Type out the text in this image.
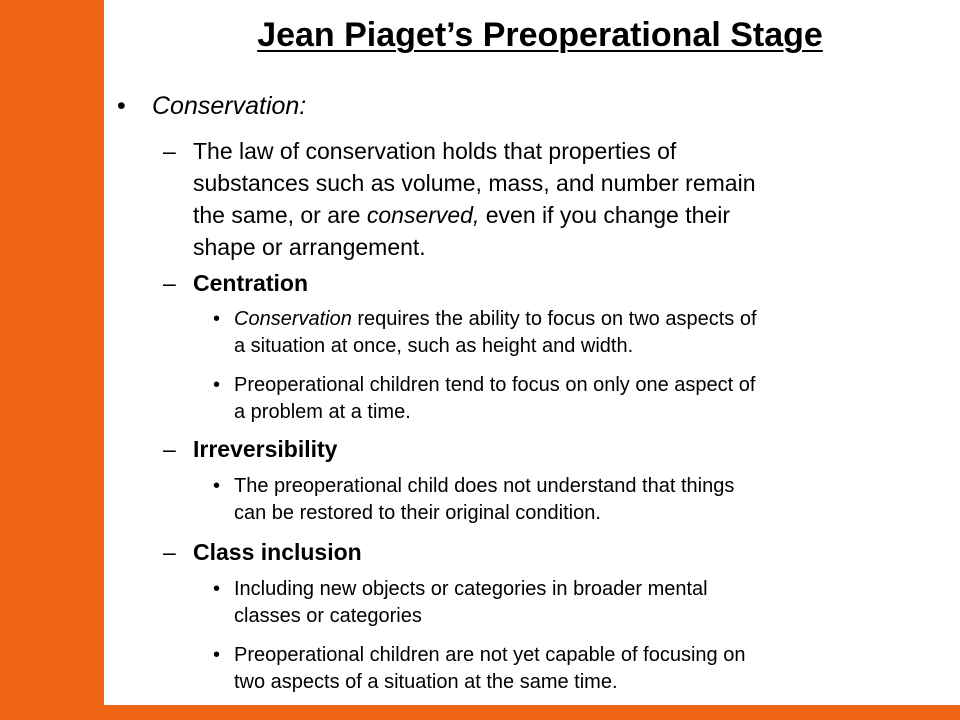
Jean Piaget’s Preoperational Stage
• Conservation:
– The law of conservation holds that properties of
substances such as volume, mass, and number remain
the same, or are conserved, even if you change their
shape or arrangement.
– Centration
• Conservation requires the ability to focus on two aspects of
a situation at once, such as height and width.
• Preoperational children tend to focus on only one aspect of
a problem at a time.
– Irreversibility
• The preoperational child does not understand that things
can be restored to their original condition.
– Class inclusion
• Including new objects or categories in broader mental
classes or categories
• Preoperational children are not yet capable of focusing on
two aspects of a situation at the same time.
